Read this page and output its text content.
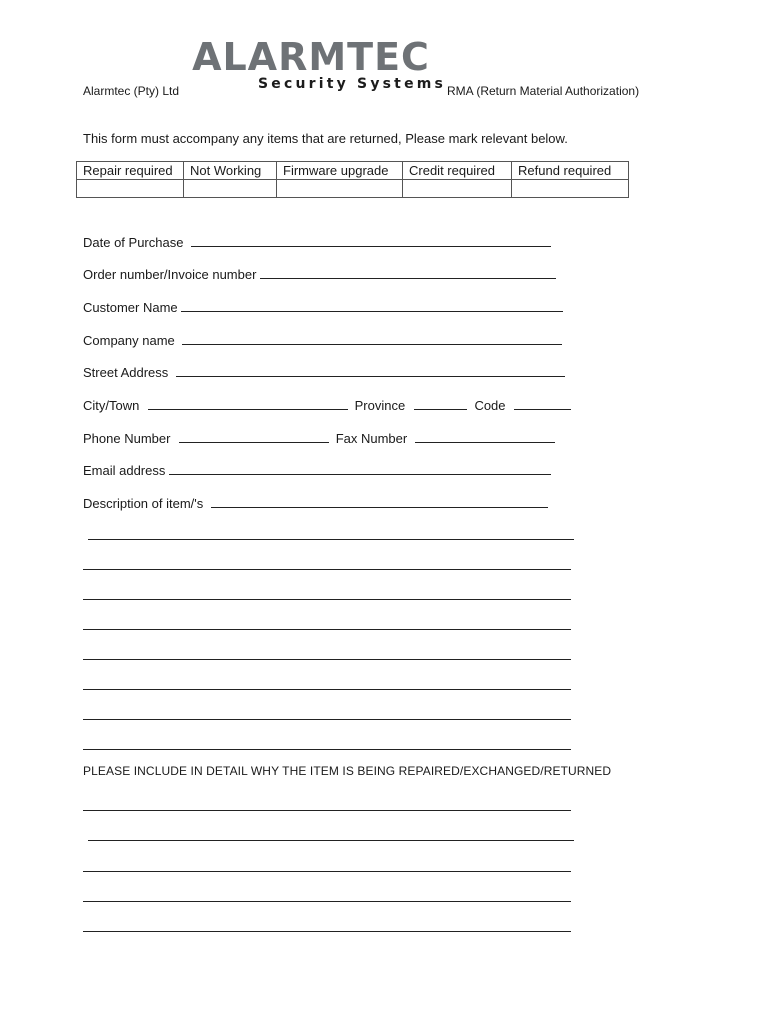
ALARMTEC
Security Systems
Alarmtec (Pty) Ltd	RMA (Return Material Authorization)
This form must accompany any items that are returned, Please mark relevant below.
Repair required	Not Working	Firmware upgrade	Credit required	Refund required

Date of Purchase
Order number/Invoice number
Customer Name
Company name
Street Address
City/Town	Province	Code
Phone Number	Fax Number
Email address
Description of item/'s
PLEASE INCLUDE IN DETAIL WHY THE ITEM IS BEING REPAIRED/EXCHANGED/RETURNED
